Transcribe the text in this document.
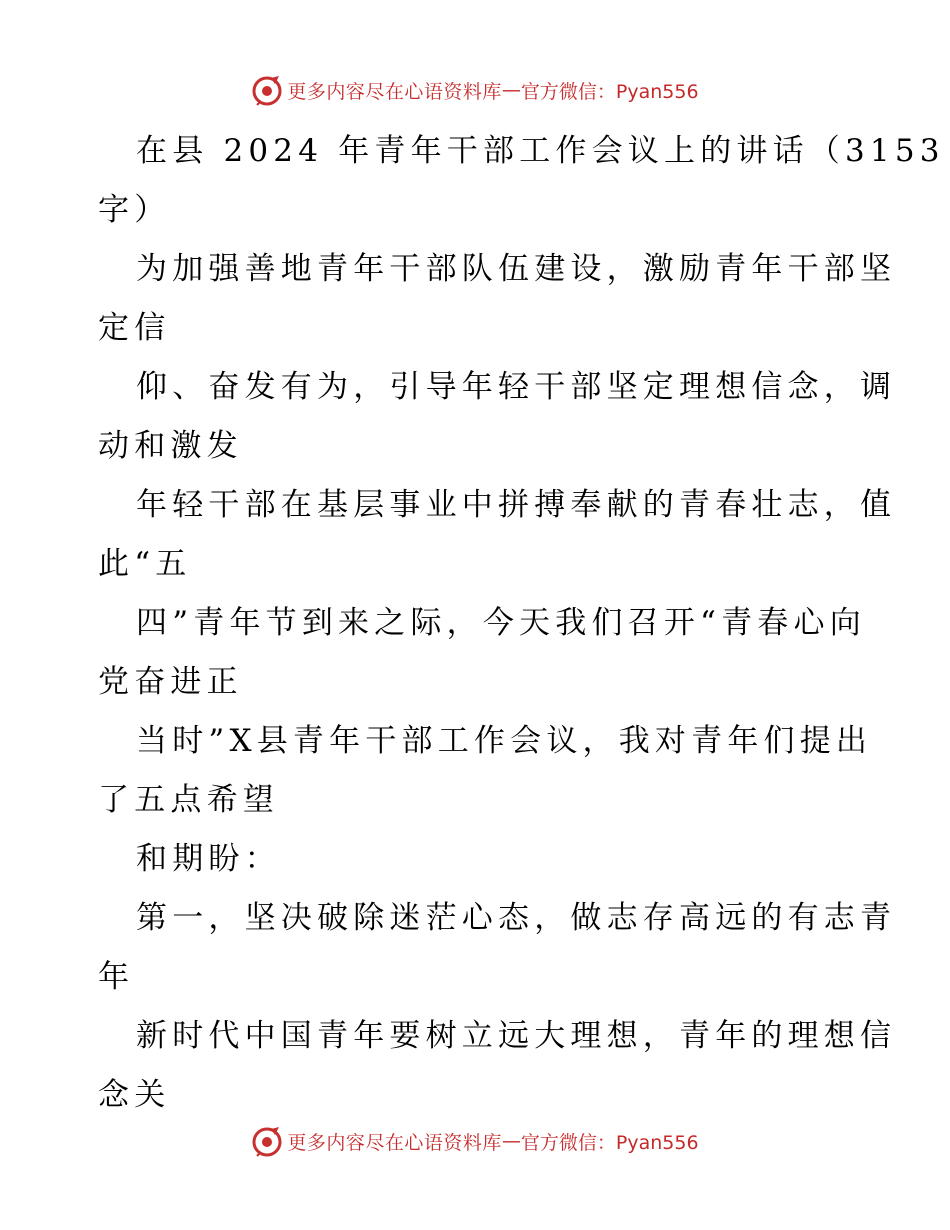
更多内容尽在心语资料库 — 官方微信：Pyan556

在县 2024 年青年干部工作会议上的讲话（3153
字）

为加强善地青年干部队伍建设，激励青年干部坚
定信

仰、奋发有为，引导年轻干部坚定理想信念，调
动和激发

年轻干部在基层事业中拼搏奉献的青春壮志，值
此“五

四”青年节到来之际，今天我们召开“青春心向
党奋进正

当时”X县青年干部工作会议，我对青年们提出
了五点希望

和期盼：

第一，坚决破除迷茫心态，做志存高远的有志青
年

新时代中国青年要树立远大理想，青年的理想信
念关

更多内容尽在心语资料库 — 官方微信：Pyan556
